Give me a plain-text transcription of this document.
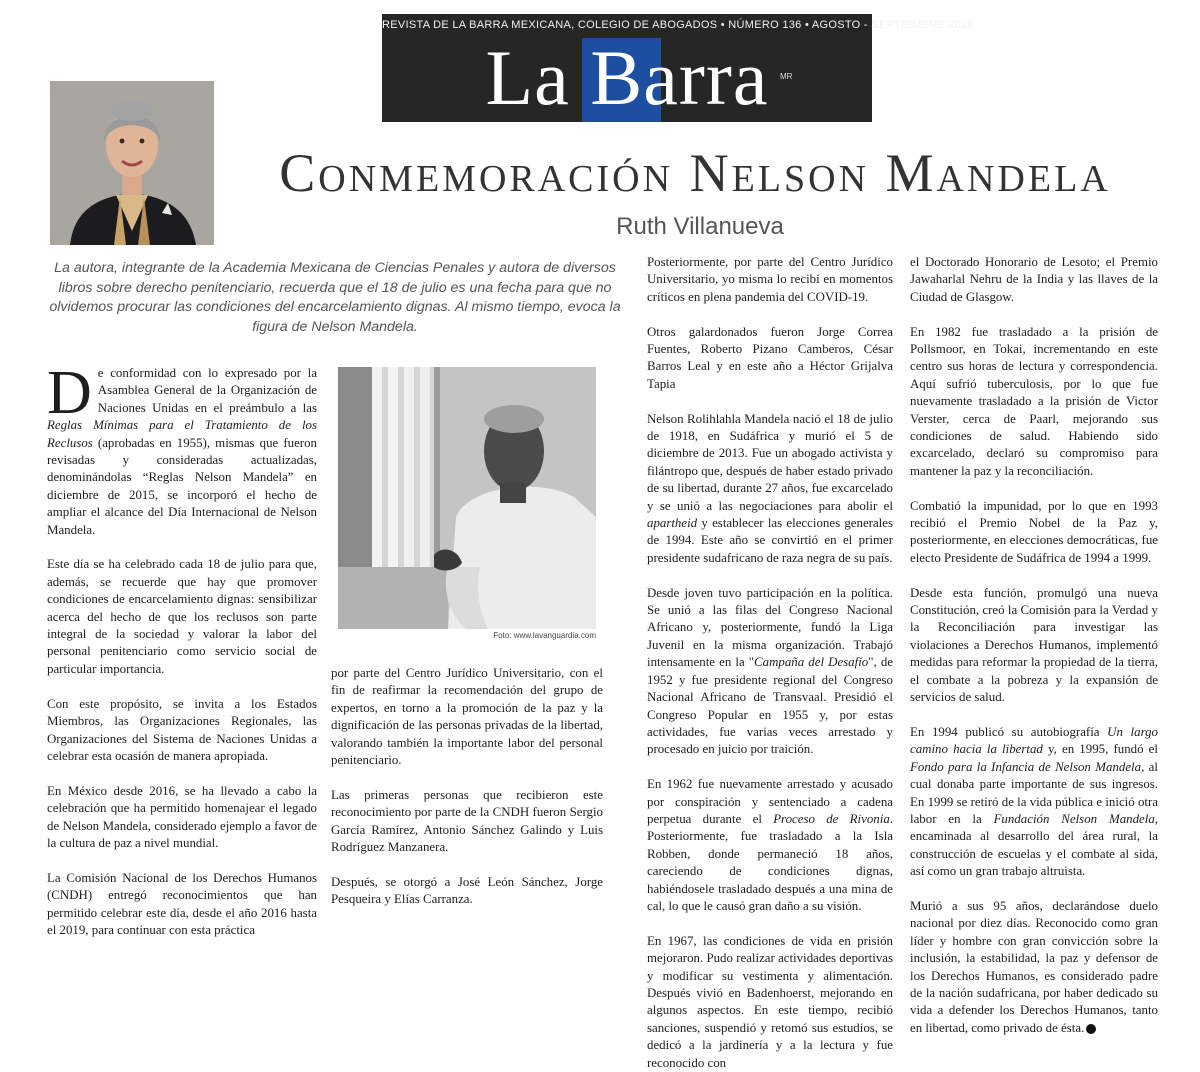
REVISTA DE LA BARRA MEXICANA, COLEGIO DE ABOGADOS • NÚMERO 136 • AGOSTO - SEPTIEMBRE 2026
La Barra	MR
Conmemoración Nelson Mandela
Ruth Villanueva
La autora, integrante de la Academia Mexicana de Ciencias Penales y autora de diversos libros sobre derecho penitenciario, recuerda que el 18 de julio es una fecha para que no olvidemos procurar las condiciones del encarcelamiento dignas. Al mismo tiempo, evoca la figura de Nelson Mandela.

De conformidad con lo expresado por la Asamblea General de la Organización de Naciones Unidas en el preámbulo a las Reglas Mínimas para el Tratamiento de los Reclusos (aprobadas en 1955), mismas que fueron revisadas y consideradas actualizadas, denominándolas “Reglas Nelson Mandela” en diciembre de 2015, se incorporó el hecho de ampliar el alcance del Día Internacional de Nelson Mandela.

Este día se ha celebrado cada 18 de julio para que, además, se recuerde que hay que promover condiciones de encarcelamiento dignas: sensibilizar acerca del hecho de que los reclusos son parte integral de la sociedad y valorar la labor del personal penitenciario como servicio social de particular importancia.

Con este propósito, se invita a los Estados Miembros, las Organizaciones Regionales, las Organizaciones del Sistema de Naciones Unidas a celebrar esta ocasión de manera apropiada.

En México desde 2016, se ha llevado a cabo la celebración que ha permitido homenajear el legado de Nelson Mandela, considerado ejemplo a favor de la cultura de paz a nivel mundial.

La Comisión Nacional de los Derechos Humanos (CNDH) entregó reconocimientos que han permitido celebrar este día, desde el año 2016 hasta el 2019, para continuar con esta práctica

Foto: www.lavanguardia.com

por parte del Centro Jurídico Universitario, con el fin de reafirmar la recomendación del grupo de expertos, en torno a la promoción de la paz y la dignificación de las personas privadas de la libertad, valorando también la importante labor del personal penitenciario.

Las primeras personas que recibieron este reconocimiento por parte de la CNDH fueron Sergio García Ramírez, Antonio Sánchez Galindo y Luis Rodríguez Manzanera.

Después, se otorgó a José León Sánchez, Jorge Pesqueira y Elías Carranza.

Posteriormente, por parte del Centro Jurídico Universitario, yo misma lo recibí en momentos críticos en plena pandemia del COVID-19.

Otros galardonados fueron Jorge Correa Fuentes, Roberto Pizano Camberos, César Barros Leal y en este año a Héctor Grijalva Tapia

Nelson Rolihlahla Mandela nació el 18 de julio de 1918, en Sudáfrica y murió el 5 de diciembre de 2013. Fue un abogado activista y filántropo que, después de haber estado privado de su libertad, durante 27 años, fue excarcelado y se unió a las negociaciones para abolir el apartheid y establecer las elecciones generales de 1994. Este año se convirtió en el primer presidente sudafricano de raza negra de su país.

Desde joven tuvo participación en la política. Se unió a las filas del Congreso Nacional Africano y, posteriormente, fundó la Liga Juvenil en la misma organización. Trabajó intensamente en la "Campaña del Desafío", de 1952 y fue presidente regional del Congreso Nacional Africano de Transvaal. Presidió el Congreso Popular en 1955 y, por estas actividades, fue varias veces arrestado y procesado en juicio por traición.

En 1962 fue nuevamente arrestado y acusado por conspiración y sentenciado a cadena perpetua durante el Proceso de Rivonia. Posteriormente, fue trasladado a la Isla Robben, donde permaneció 18 años, careciendo de condiciones dignas, habiéndosele trasladado después a una mina de cal, lo que le causó gran daño a su visión.

En 1967, las condiciones de vida en prisión mejoraron. Pudo realizar actividades deportivas y modificar su vestimenta y alimentación. Después vivió en Badenhoerst, mejorando en algunos aspectos. En este tiempo, recibió sanciones, suspendió y retomó sus estudios, se dedicó a la jardinería y a la lectura y fue reconocido con

el Doctorado Honorario de Lesoto; el Premio Jawaharlal Nehru de la India y las llaves de la Ciudad de Glasgow.

En 1982 fue trasladado a la prisión de Pollsmoor, en Tokai, incrementando en este centro sus horas de lectura y correspondencia. Aquí sufrió tuberculosis, por lo que fue nuevamente trasladado a la prisión de Victor Verster, cerca de Paarl, mejorando sus condiciones de salud. Habiendo sido excarcelado, declaró su compromiso para mantener la paz y la reconciliación.

Combatió la impunidad, por lo que en 1993 recibió el Premio Nobel de la Paz y, posteriormente, en elecciones democráticas, fue electo Presidente de Sudáfrica de 1994 a 1999.

Desde esta función, promulgó una nueva Constitución, creó la Comisión para la Verdad y la Reconciliación para investigar las violaciones a Derechos Humanos, implementó medidas para reformar la propiedad de la tierra, el combate a la pobreza y la expansión de servicios de salud.

En 1994 publicó su autobiografía Un largo camino hacia la libertad y, en 1995, fundó el Fondo para la Infancia de Nelson Mandela, al cual donaba parte importante de sus ingresos. En 1999 se retiró de la vida pública e inició otra labor en la Fundación Nelson Mandela, encaminada al desarrollo del área rural, la construcción de escuelas y el combate al sida, así como un gran trabajo altruista.

Murió a sus 95 años, declarándose duelo nacional por diez días. Reconocido como gran líder y hombre con gran convicción sobre la inclusión, la estabilidad, la paz y defensor de los Derechos Humanos, es considerado padre de la nación sudafricana, por haber dedicado su vida a defender los Derechos Humanos, tanto en libertad, como privado de ésta.
